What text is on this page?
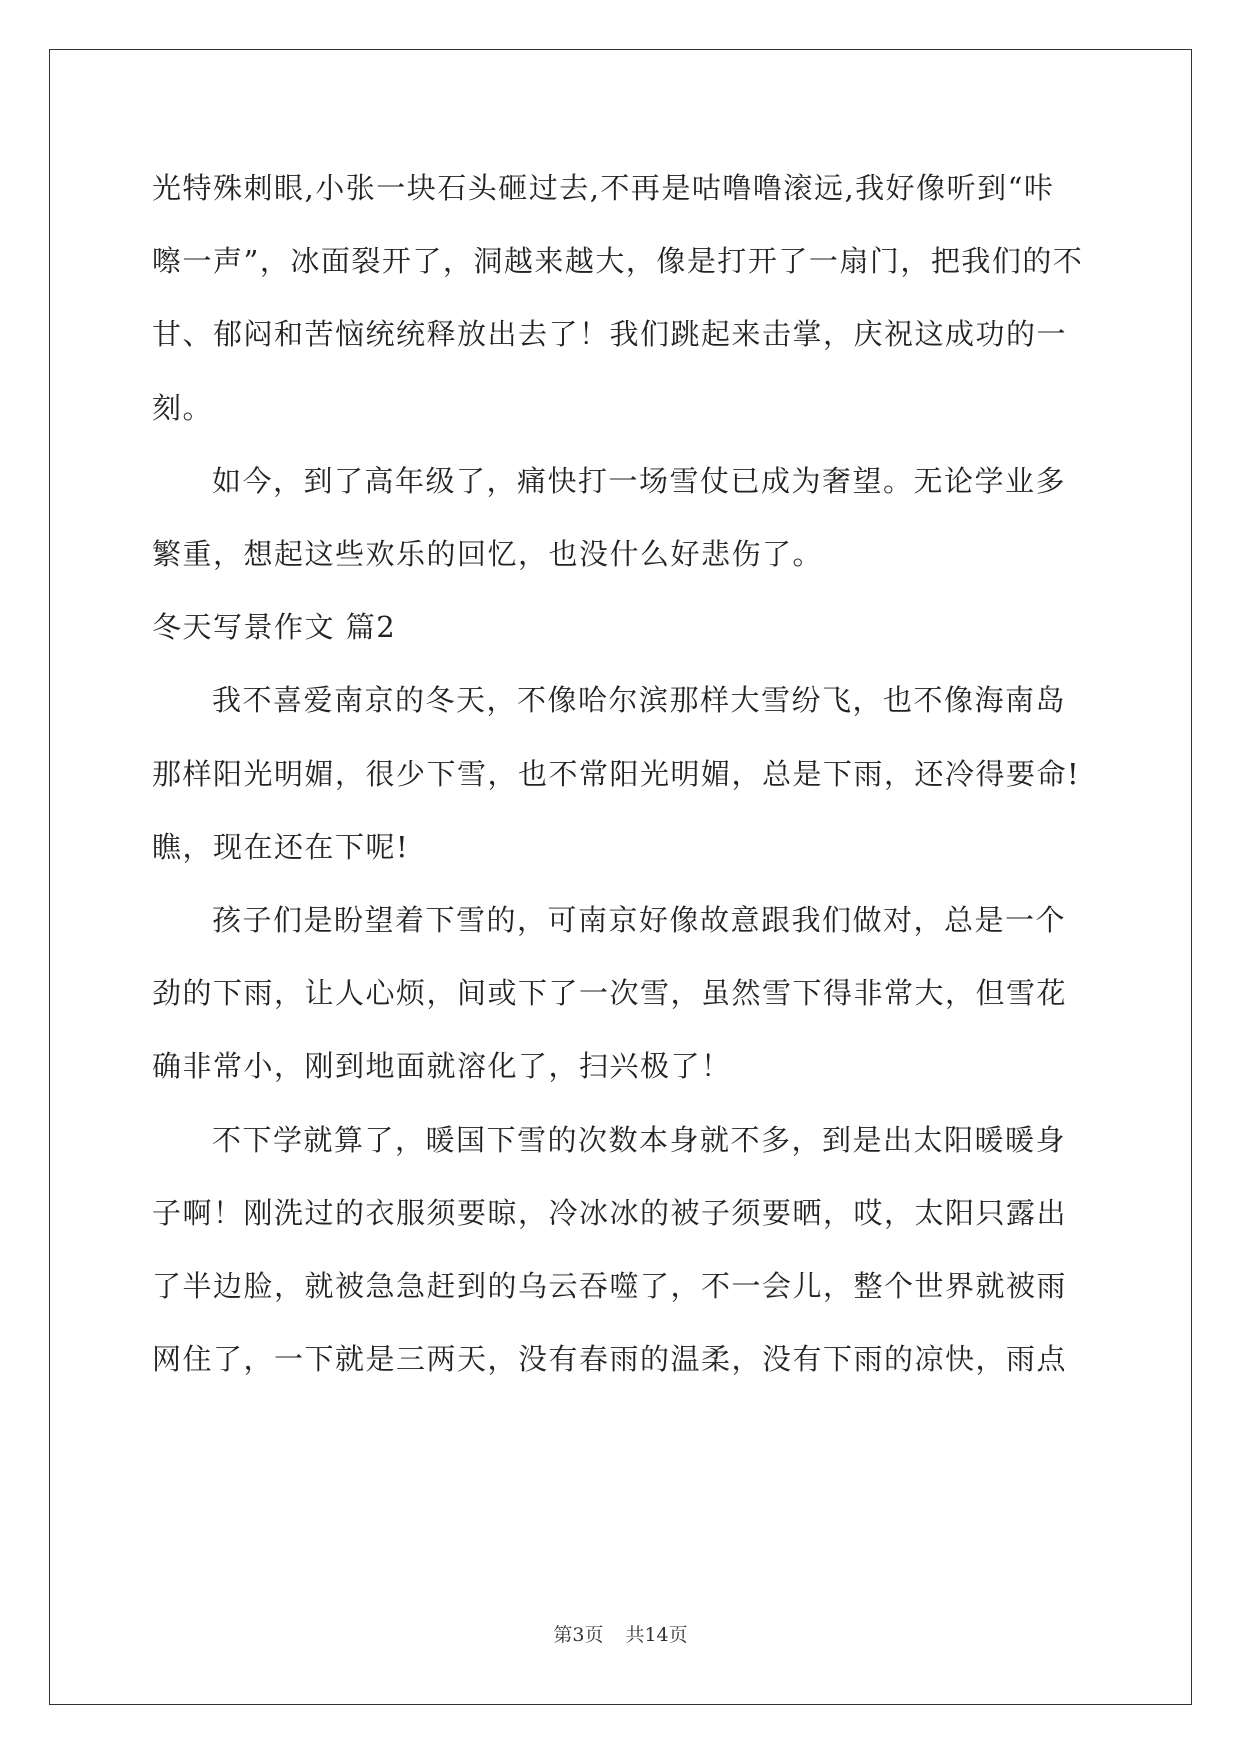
光特殊刺眼,小张一块石头砸过去,不再是咕噜噜滚远,我好像听到“咔
嚓一声”，冰面裂开了，洞越来越大，像是打开了一扇门，把我们的不
甘、郁闷和苦恼统统释放出去了！我们跳起来击掌，庆祝这成功的一
刻。
如今，到了高年级了，痛快打一场雪仗已成为奢望。无论学业多
繁重，想起这些欢乐的回忆，也没什么好悲伤了。
冬天写景作文 篇2
我不喜爱南京的冬天，不像哈尔滨那样大雪纷飞，也不像海南岛
那样阳光明媚，很少下雪，也不常阳光明媚，总是下雨，还冷得要命!
瞧，现在还在下呢!
孩子们是盼望着下雪的，可南京好像故意跟我们做对，总是一个
劲的下雨，让人心烦，间或下了一次雪，虽然雪下得非常大，但雪花
确非常小，刚到地面就溶化了，扫兴极了！
不下学就算了，暖国下雪的次数本身就不多，到是出太阳暖暖身
子啊！刚洗过的衣服须要晾，冷冰冰的被子须要晒，哎，太阳只露出
了半边脸，就被急急赶到的乌云吞噬了，不一会儿，整个世界就被雨
网住了，一下就是三两天，没有春雨的温柔，没有下雨的凉快，雨点
第3页 共14页
